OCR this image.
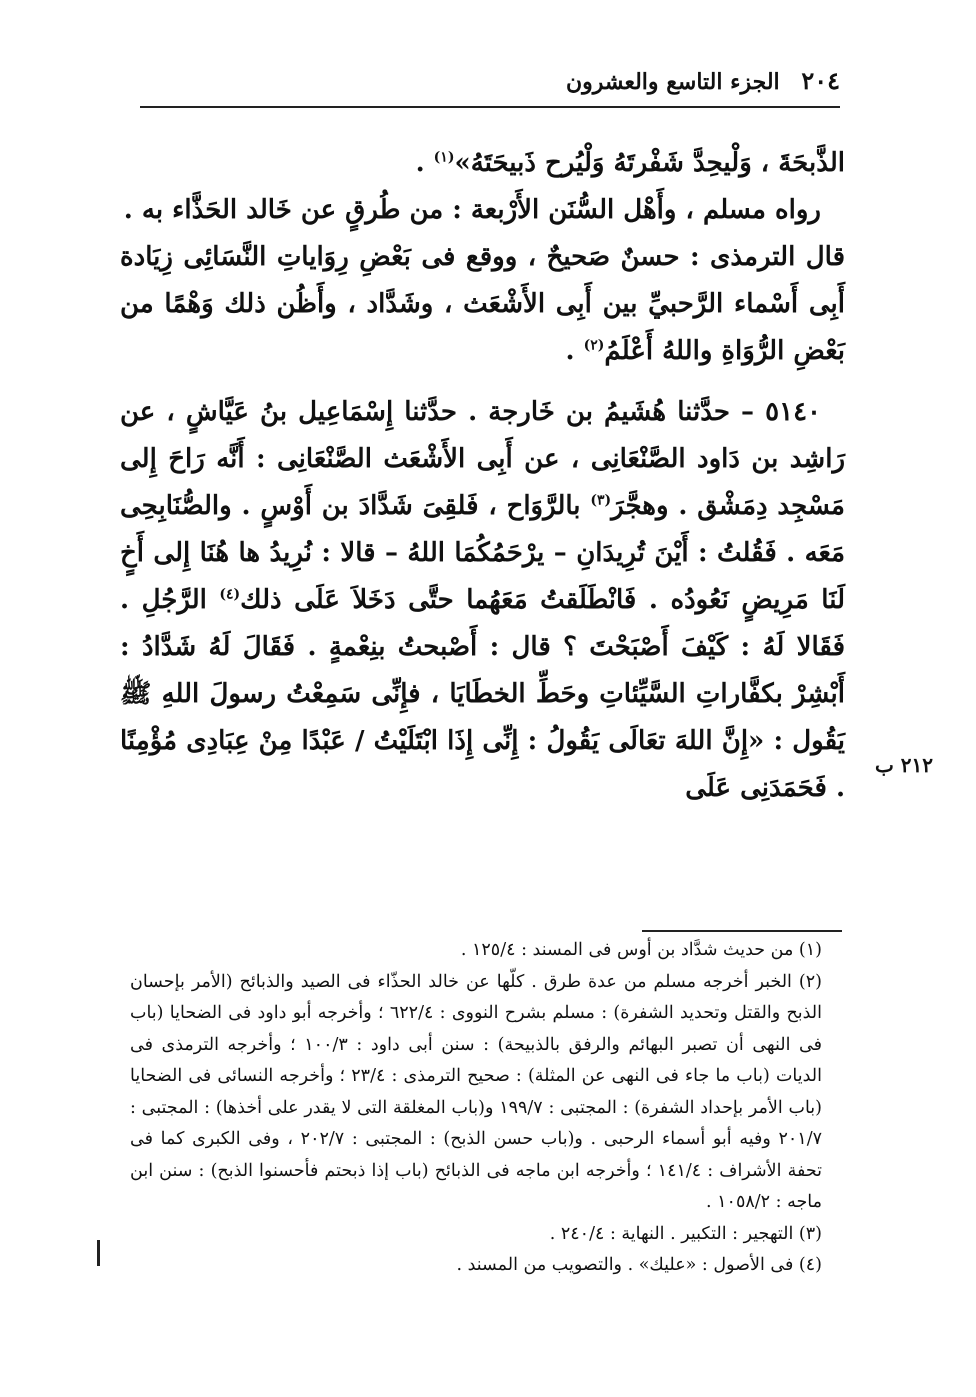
٢٠٤ الجزء التاسع والعشرون

الذَّبحَةَ ، وَلْيحِدَّ شَفْرتَهُ وَلْيُرح ذَبيحَتَهُ»$^{(١)}$ .

رواه مسلم ، وأَهْل السُّنَن الأَرْبعة : من طُرقٍ عن خَالد الحَذَّاء به .

قال الترمذى : حسنٌ صَحيحٌ ، ووقع فى بَعْضِ رِوَاياتِ النَّسَائِى زِيَادة أَبِى أَسْماء الرَّحبيِّ بين أَبِى الأَشْعَث ، وشَدَّاد ، وأَظُن ذلك وَهْمًا من بَعْضِ الرُّوَاةِ واللهُ أَعْلَمُ$^{(٢)}$ .

٥١٤٠ – حدَّثنا هُشَيمُ بن خَارجة . حدَّثنا إِسْمَاعِيل بنُ عَيَّاشٍ ، عن رَاشِد بن دَاود الصَّنْعَانِى ، عن أَبِى الأَشْعَث الصَّنْعَانِى : أَنَّه رَاحَ إِلى مَسْجِد دِمَشْق . وهجَّرَ$^{(٣)}$ بالرَّوَاح ، فَلقِىَ شَدَّادَ بن أَوْسٍ . والصُّنَابِحِى مَعَه . فَقُلتُ : أَيْنَ تُرِيدَانِ – يرْحَمُكُمَا اللهُ – قالا : نُرِيدُ ها هُنَا إِلى أَخٍ لَنَا مَرِيضٍ نَعُودُه . فَانْطَلَقتُ مَعَهُما حتَّى دَخَلاَ عَلَى ذلك$^{(٤)}$ الرَّجُلِ . فَقَالا لَهُ : كَيْفَ أَصْبَحْتَ ؟ قال : أَصْبحتُ بنِعْمةٍ . فَقَالَ لَهُ شَدَّادُ : أَبْشِرْ بكفَّاراتِ السَّيِّئاتِ وحَطِّ الخطَايَا ، فإِنِّى سَمِعْتُ رسولَ اللهِ ﷺ يَقُول : «إِنَّ اللهَ تعَالَى يَقُولُ : إِنِّى إِذَا ابْتَلَيْتُ / عَبْدًا مِنْ عِبَادِى مُؤْمِنًا . فَحَمَدَنِى عَلَى

٢١٢ ب

(١) من حديث شدَّاد بن أوس فى المسند : ١٢٥/٤ .

(٢) الخبر أخرجه مسلم من عدة طرق . كلّها عن خالد الحذّاء فى الصيد والذبائح (الأمر بإحسان الذبح والقتل وتحديد الشفرة) : مسلم بشرح النووى : ٦٢٢/٤ ؛ وأخرجه أبو داود فى الضحايا (باب فى النهى أن تصبر البهائم والرفق بالذبيحة) : سنن أبى داود : ١٠٠/٣ ؛ وأخرجه الترمذى فى الديات (باب ما جاء فى النهى عن المثلة) : صحيح الترمذى : ٢٣/٤ ؛ وأخرجه النسائى فى الضحايا (باب الأمر بإحداد الشفرة) : المجتبى : ١٩٩/٧ و(باب المغلقة التى لا يقدر على أخذها) : المجتبى : ٢٠١/٧ وفيه أبو أسماء الرحبى . و(باب حسن الذبح) : المجتبى : ٢٠٢/٧ ، وفى الكبرى كما فى تحفة الأشراف : ١٤١/٤ ؛ وأخرجه ابن ماجه فى الذبائح (باب إذا ذبحتم فأحسنوا الذبح) : سنن ابن ماجه : ١٠٥٨/٢ .

(٣) التهجير : التكبير . النهاية : ٢٤٠/٤ .

(٤) فى الأصول : «عليك» . والتصويب من المسند .
